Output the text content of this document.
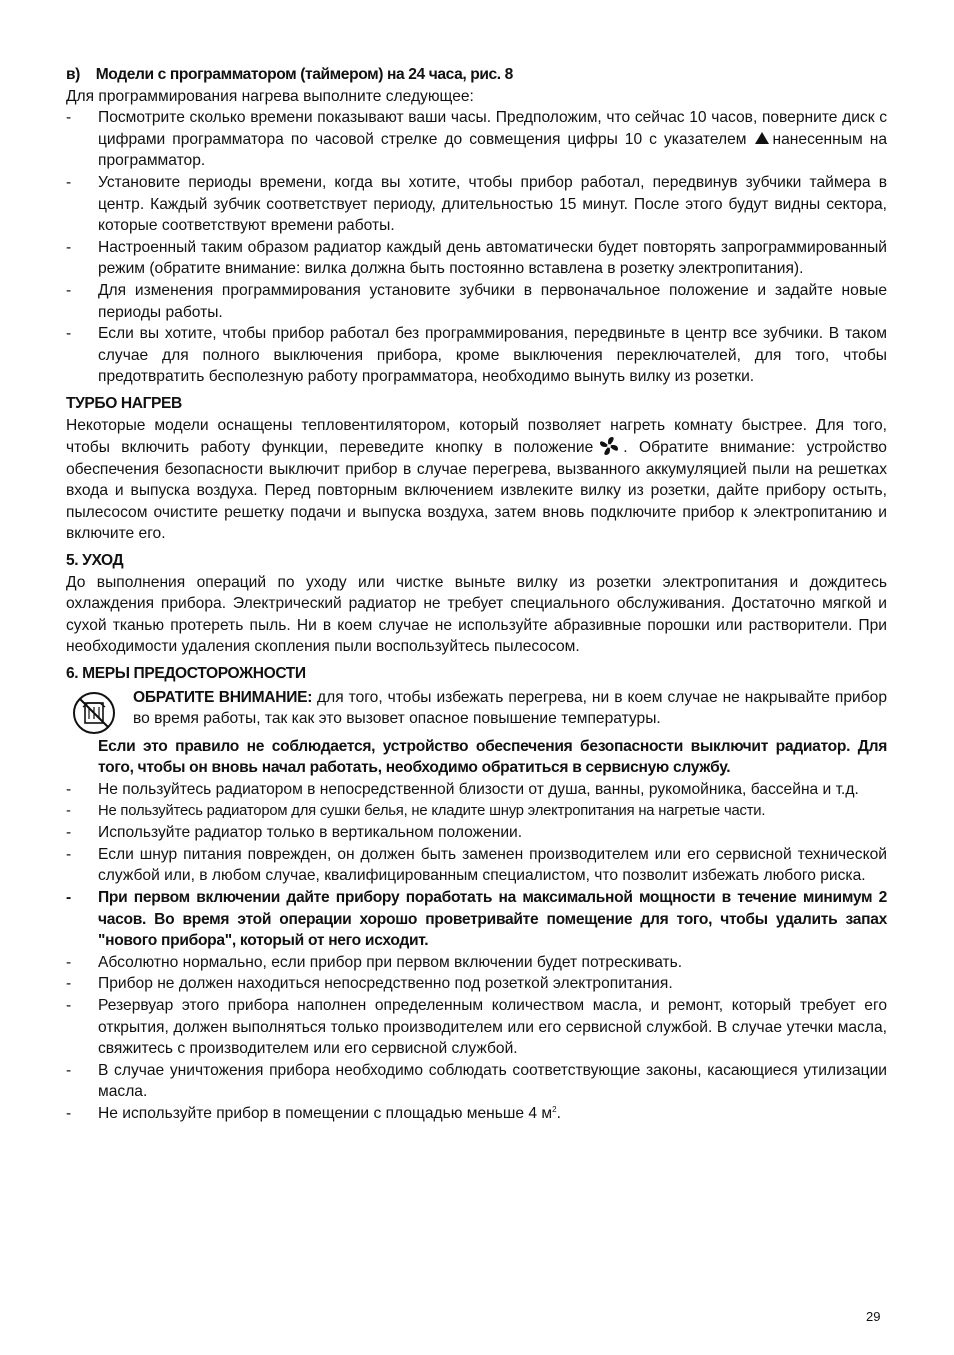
в)    Модели с программатором (таймером) на 24 часа, рис. 8

Для программирования нагрева выполните следующее:

- Посмотрите сколько времени показывают ваши часы. Предположим, что сейчас 10 часов, поверните диск с цифрами программатора по часовой стрелке до совмещения цифры 10 с указателем нанесенным на программатор.
- Установите периоды времени, когда вы хотите, чтобы прибор работал, передвинув зубчики таймера в центр. Каждый зубчик соответствует периоду, длительностью 15 минут. После этого будут видны сектора, которые соответствуют времени работы.
- Настроенный таким образом радиатор каждый день автоматически будет повторять запрограммированный режим (обратите внимание: вилка должна быть постоянно вставлена в розетку электропитания).
- Для изменения программирования установите зубчики в первоначальное положение и задайте новые периоды работы.
- Если вы хотите, чтобы прибор работал без программирования, передвиньте в центр все зубчики. В таком случае для полного выключения прибора, кроме выключения переключателей, для того, чтобы предотвратить бесполезную работу программатора, необходимо вынуть вилку из розетки.

ТУРБО НАГРЕВ

Некоторые модели оснащены тепловентилятором, который позволяет нагреть комнату быстрее. Для того, чтобы включить работу функции, переведите кнопку в положение . Обратите внимание: устройство обеспечения безопасности выключит прибор в случае перегрева, вызванного аккумуляцией пыли на решетках входа и выпуска воздуха. Перед повторным включением извлеките вилку из розетки, дайте прибору остыть, пылесосом очистите решетку подачи и выпуска воздуха, затем вновь подключите прибор к электропитанию и включите его.

5. УХОД

До выполнения операций по уходу или чистке выньте вилку из розетки электропитания и дождитесь охлаждения прибора. Электрический радиатор не требует специального обслуживания. Достаточно мягкой и сухой тканью протереть пыль. Ни в коем случае не используйте абразивные порошки или растворители. При необходимости удаления скопления пыли воспользуйтесь пылесосом.

6. МЕРЫ ПРЕДОСТОРОЖНОСТИ

ОБРАТИТЕ ВНИМАНИЕ: для того, чтобы избежать перегрева, ни в коем случае не накрывайте прибор во время работы, так как это вызовет опасное повышение температуры.

Если это правило не соблюдается, устройство обеспечения безопасности выключит радиатор. Для того, чтобы он вновь начал работать, необходимо обратиться в сервисную службу.

- Не пользуйтесь радиатором в непосредственной близости от душа, ванны, рукомойника, бассейна и т.д.
- Не пользуйтесь радиатором для сушки белья, не кладите шнур электропитания на нагретые части.
- Используйте радиатор только в вертикальном положении.
- Если шнур питания поврежден, он должен быть заменен производителем или его сервисной технической службой или, в любом случае, квалифицированным специалистом, что позволит избежать любого риска.
- При первом включении дайте прибору поработать на максимальной мощности в течение минимум 2 часов. Во время этой операции хорошо проветривайте помещение для того, чтобы удалить запах "нового прибора", который от него исходит.
- Абсолютно нормально, если прибор при первом включении будет потрескивать.
- Прибор не должен находиться непосредственно под розеткой электропитания.
- Резервуар этого прибора наполнен определенным количеством масла, и ремонт, который требует его открытия, должен выполняться только производителем или его сервисной службой. В случае утечки масла, свяжитесь с производителем или его сервисной службой.
- В случае уничтожения прибора необходимо соблюдать соответствующие законы, касающиеся утилизации масла.
- Не используйте прибор в помещении с площадью меньше 4 $м^2$.
29
